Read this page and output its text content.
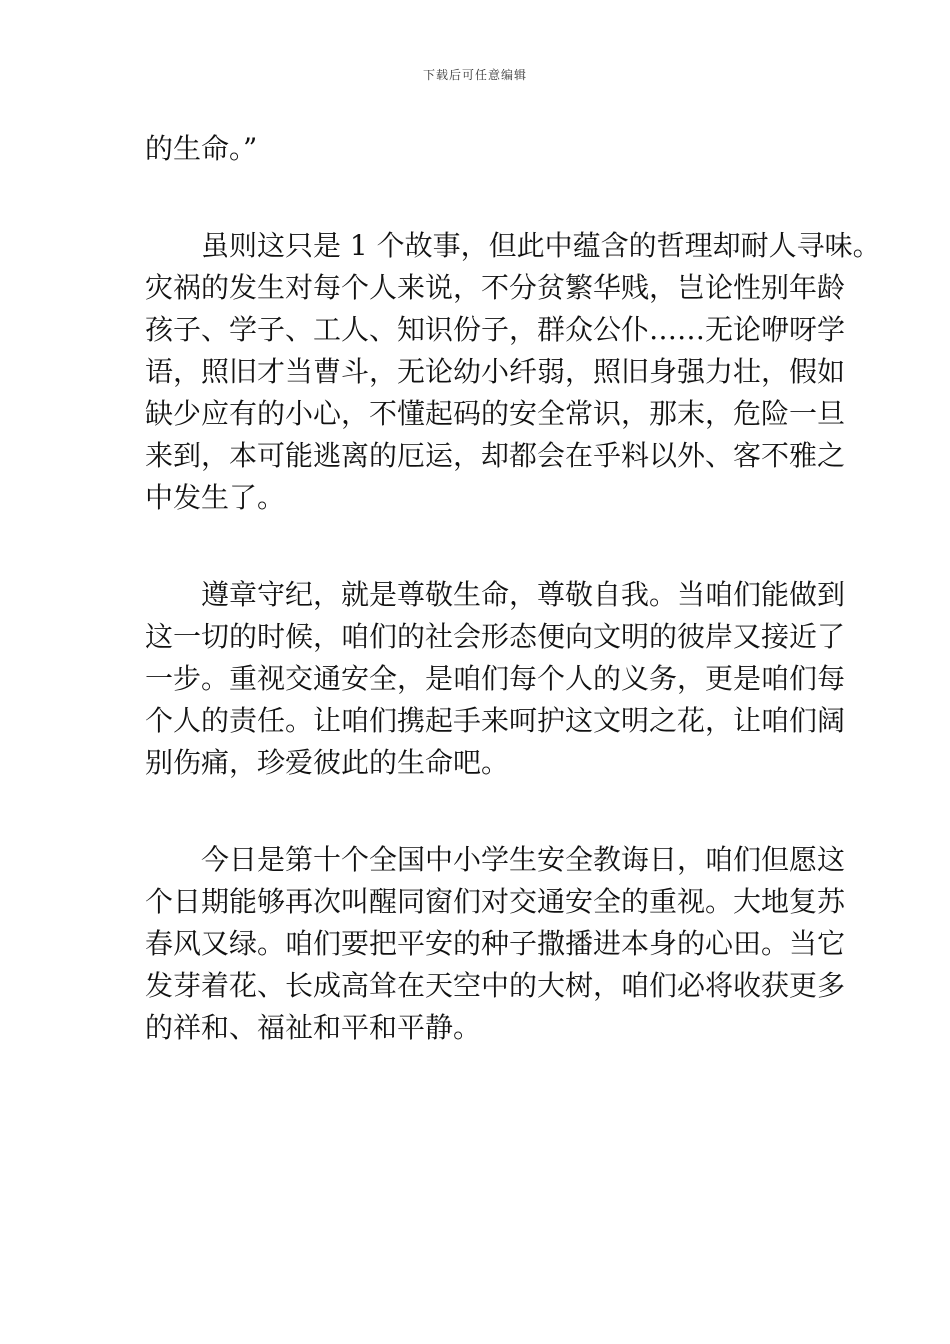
下载后可任意编辑

的生命。”

虽则这只是 1 个故事，但此中蕴含的哲理却耐人寻味。
灾祸的发生对每个人来说，不分贫繁华贱，岂论性别年龄
孩子、学子、工人、知识份子，群众公仆……无论咿呀学
语，照旧才当曹斗，无论幼小纤弱，照旧身强力壮，假如
缺少应有的小心，不懂起码的安全常识，那末，危险一旦
来到，本可能逃离的厄运，却都会在乎料以外、客不雅之
中发生了。

遵章守纪，就是尊敬生命，尊敬自我。当咱们能做到
这一切的时候，咱们的社会形态便向文明的彼岸又接近了
一步。重视交通安全，是咱们每个人的义务，更是咱们每
个人的责任。让咱们携起手来呵护这文明之花，让咱们阔
别伤痛，珍爱彼此的生命吧。

今日是第十个全国中小学生安全教诲日，咱们但愿这
个日期能够再次叫醒同窗们对交通安全的重视。大地复苏
春风又绿。咱们要把平安的种子撒播进本身的心田。当它
发芽着花、长成高耸在天空中的大树，咱们必将收获更多
的祥和、福祉和平和平静。
